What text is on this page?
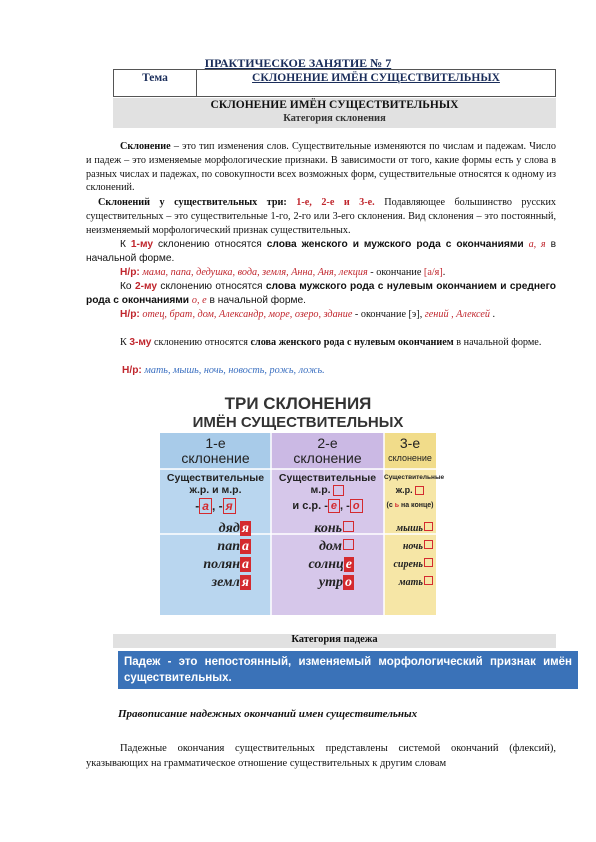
ПРАКТИЧЕСКОЕ ЗАНЯТИЕ № 7
Тема	СКЛОНЕНИЕ ИМЁН СУЩЕСТВИТЕЛЬНЫХ
СКЛОНЕНИЕ ИМЁН СУЩЕСТВИТЕЛЬНЫХ
Категория склонения
Склонение – это тип изменения слов. Существительные изменяются по числам и падежам. Число и падеж – это изменяемые морфологические признаки. В зависимости от того, какие формы есть у слова в разных числах и падежах, по совокупности всех возможных форм, существительные относятся к одному из склонений.
Склонений у существительных три: 1-е, 2-е и 3-е. Подавляющее большинство русских существительных – это существительные 1-го, 2-го или 3-его склонения. Вид склонения – это постоянный, неизменяемый морфологический признак существительных.
К 1-му склонению относятся слова женского и мужского рода с окончаниями а, я в начальной форме.
Н/р: мама, папа, дедушка, вода, земля, Анна, Аня, лекция - окончание [а/я].
Ко 2-му склонению относятся слова мужского рода с нулевым окончанием и среднего рода с окончаниями о, е в начальной форме.
Н/р: отец, брат, дом, Александр, море, озеро, здание - окончание [э], гений , Алексей .
К 3-му склонению относятся слова женского рода с нулевым окончанием в начальной форме.
Н/р: мать, мышь, ночь, новость, рожь, ложь.
ТРИ СКЛОНЕНИЯ
ИМЁН СУЩЕСТВИТЕЛЬНЫХ
1-е
склонение
Существительные
ж.р. и м.р.
- а , - я
дяд я
пап а
полян а
земл я
2-е
склонение
Существительные
м.р.
и с.р. - е , - о
конь
дом
солнц е
утр о
3-е
склонение
Существительные
ж.р.
(с ь на конце)
мышь
ночь
сирень
мать
Категория падежа
Падеж - это непостоянный, изменяемый морфологический признак имён существительных.
Правописание надежных окончаний имен существительных
Падежные окончания существительных представлены системой окончаний (флексий), указывающих на грамматическое отношение существительных к другим словам
